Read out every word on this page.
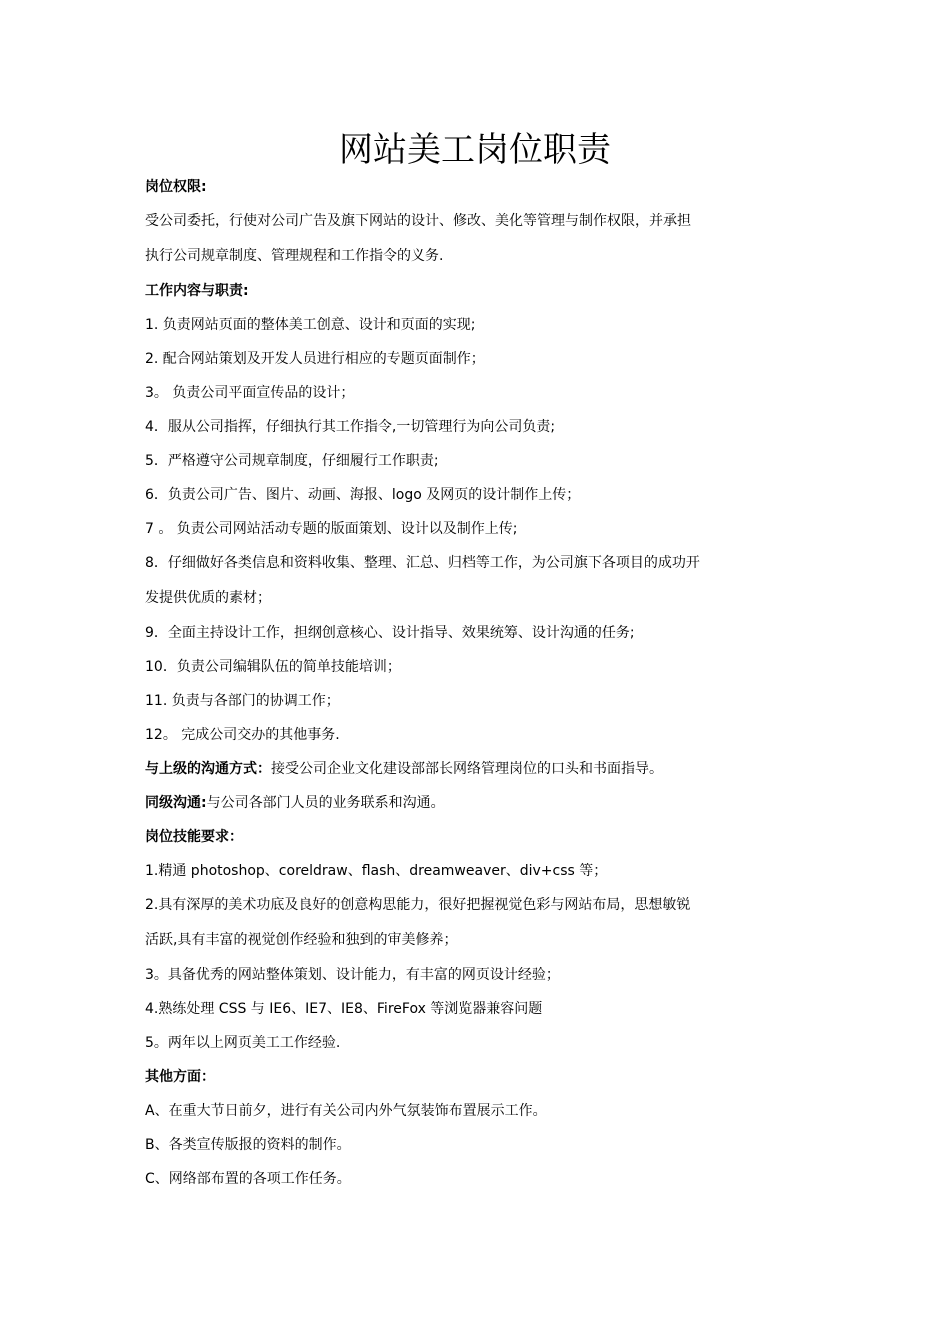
网站美工岗位职责
岗位权限:
受公司委托，行使对公司广告及旗下网站的设计、修改、美化等管理与制作权限，并承担
执行公司规章制度、管理规程和工作指令的义务.
工作内容与职责:
1. 负责网站页面的整体美工创意、设计和页面的实现;
2. 配合网站策划及开发人员进行相应的专题页面制作；
3。 负责公司平面宣传品的设计；
4．服从公司指挥，仔细执行其工作指令,一切管理行为向公司负责;
5．严格遵守公司规章制度，仔细履行工作职责;
6．负责公司广告、图片、动画、海报、logo 及网页的设计制作上传；
7 。 负责公司网站活动专题的版面策划、设计以及制作上传;
8．仔细做好各类信息和资料收集、整理、汇总、归档等工作，为公司旗下各项目的成功开
发提供优质的素材；
9．全面主持设计工作，担纲创意核心、设计指导、效果统筹、设计沟通的任务;
10．负责公司编辑队伍的简单技能培训；
11. 负责与各部门的协调工作；
12。 完成公司交办的其他事务.
与上级的沟通方式：接受公司企业文化建设部部长网络管理岗位的口头和书面指导。
同级沟通:与公司各部门人员的业务联系和沟通。
岗位技能要求：
1.精通 photoshop、coreldraw、flash、dreamweaver、div+css 等；
2.具有深厚的美术功底及良好的创意构思能力，很好把握视觉色彩与网站布局，思想敏锐
活跃,具有丰富的视觉创作经验和独到的审美修养；
3。具备优秀的网站整体策划、设计能力，有丰富的网页设计经验；
4.熟练处理 CSS 与 IE6、IE7、IE8、FireFox 等浏览器兼容问题
5。两年以上网页美工工作经验.
其他方面：
A、在重大节日前夕，进行有关公司内外气氛装饰布置展示工作。
B、各类宣传版报的资料的制作。
C、网络部布置的各项工作任务。
